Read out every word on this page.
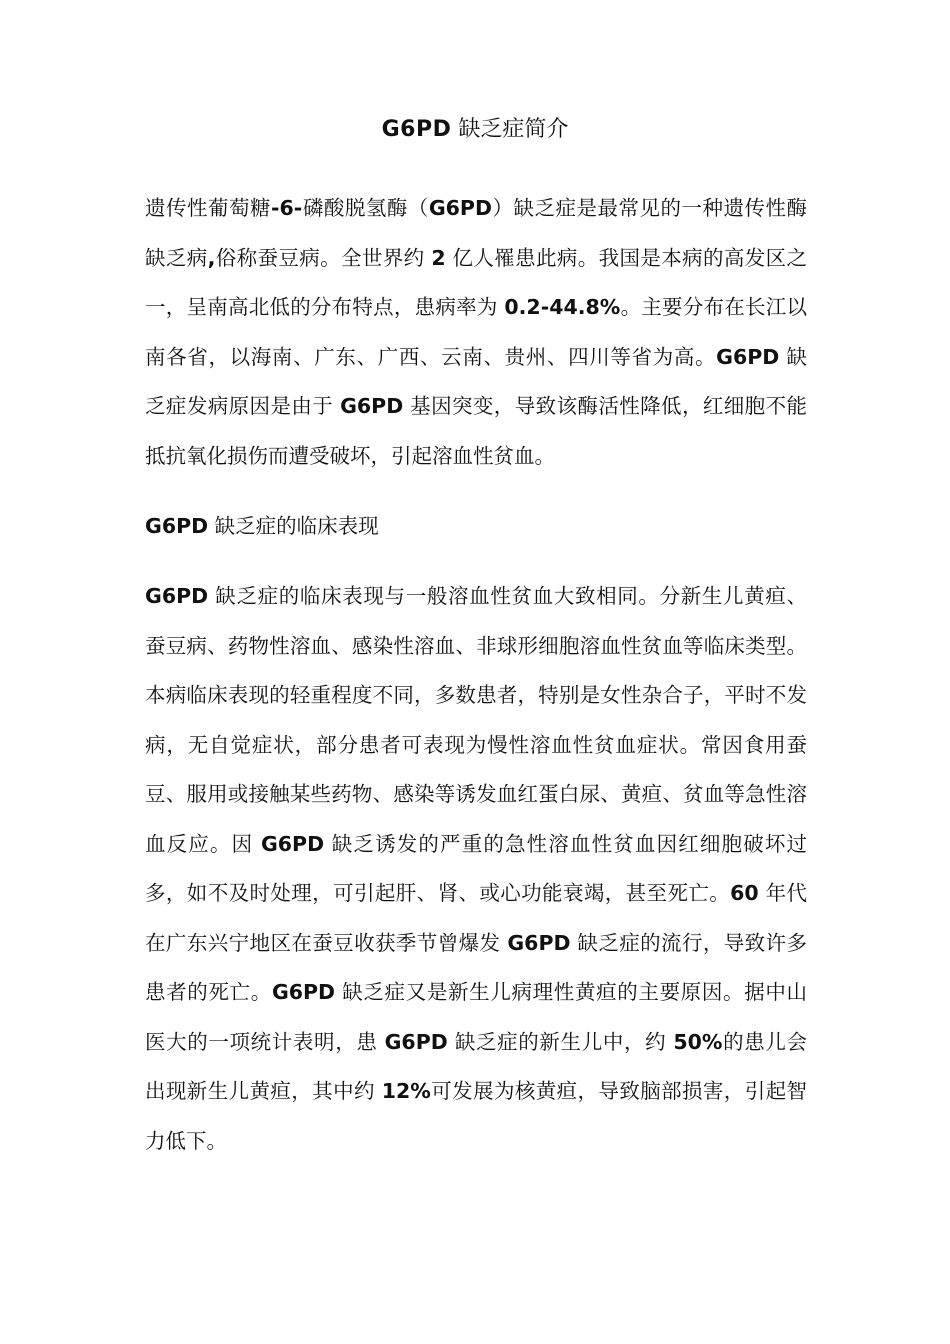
G6PD 缺乏症简介

遗传性葡萄糖-6-磷酸脱氢酶（G6PD）缺乏症是最常见的一种遗传性酶缺乏病,俗称蚕豆病。全世界约 2 亿人罹患此病。我国是本病的高发区之一，呈南高北低的分布特点，患病率为 0.2-44.8%。主要分布在长江以南各省，以海南、广东、广西、云南、贵州、四川等省为高。G6PD 缺乏症发病原因是由于 G6PD 基因突变，导致该酶活性降低，红细胞不能抵抗氧化损伤而遭受破坏，引起溶血性贫血。

G6PD 缺乏症的临床表现

G6PD 缺乏症的临床表现与一般溶血性贫血大致相同。分新生儿黄疸、蚕豆病、药物性溶血、感染性溶血、非球形细胞溶血性贫血等临床类型。本病临床表现的轻重程度不同，多数患者，特别是女性杂合子，平时不发病，无自觉症状，部分患者可表现为慢性溶血性贫血症状。常因食用蚕豆、服用或接触某些药物、感染等诱发血红蛋白尿、黄疸、贫血等急性溶血反应。因 G6PD 缺乏诱发的严重的急性溶血性贫血因红细胞破坏过多，如不及时处理，可引起肝、肾、或心功能衰竭，甚至死亡。60 年代在广东兴宁地区在蚕豆收获季节曾爆发 G6PD 缺乏症的流行，导致许多患者的死亡。G6PD 缺乏症又是新生儿病理性黄疸的主要原因。据中山医大的一项统计表明，患 G6PD 缺乏症的新生儿中，约 50%的患儿会出现新生儿黄疸，其中约 12%可发展为核黄疸，导致脑部损害，引起智力低下。
